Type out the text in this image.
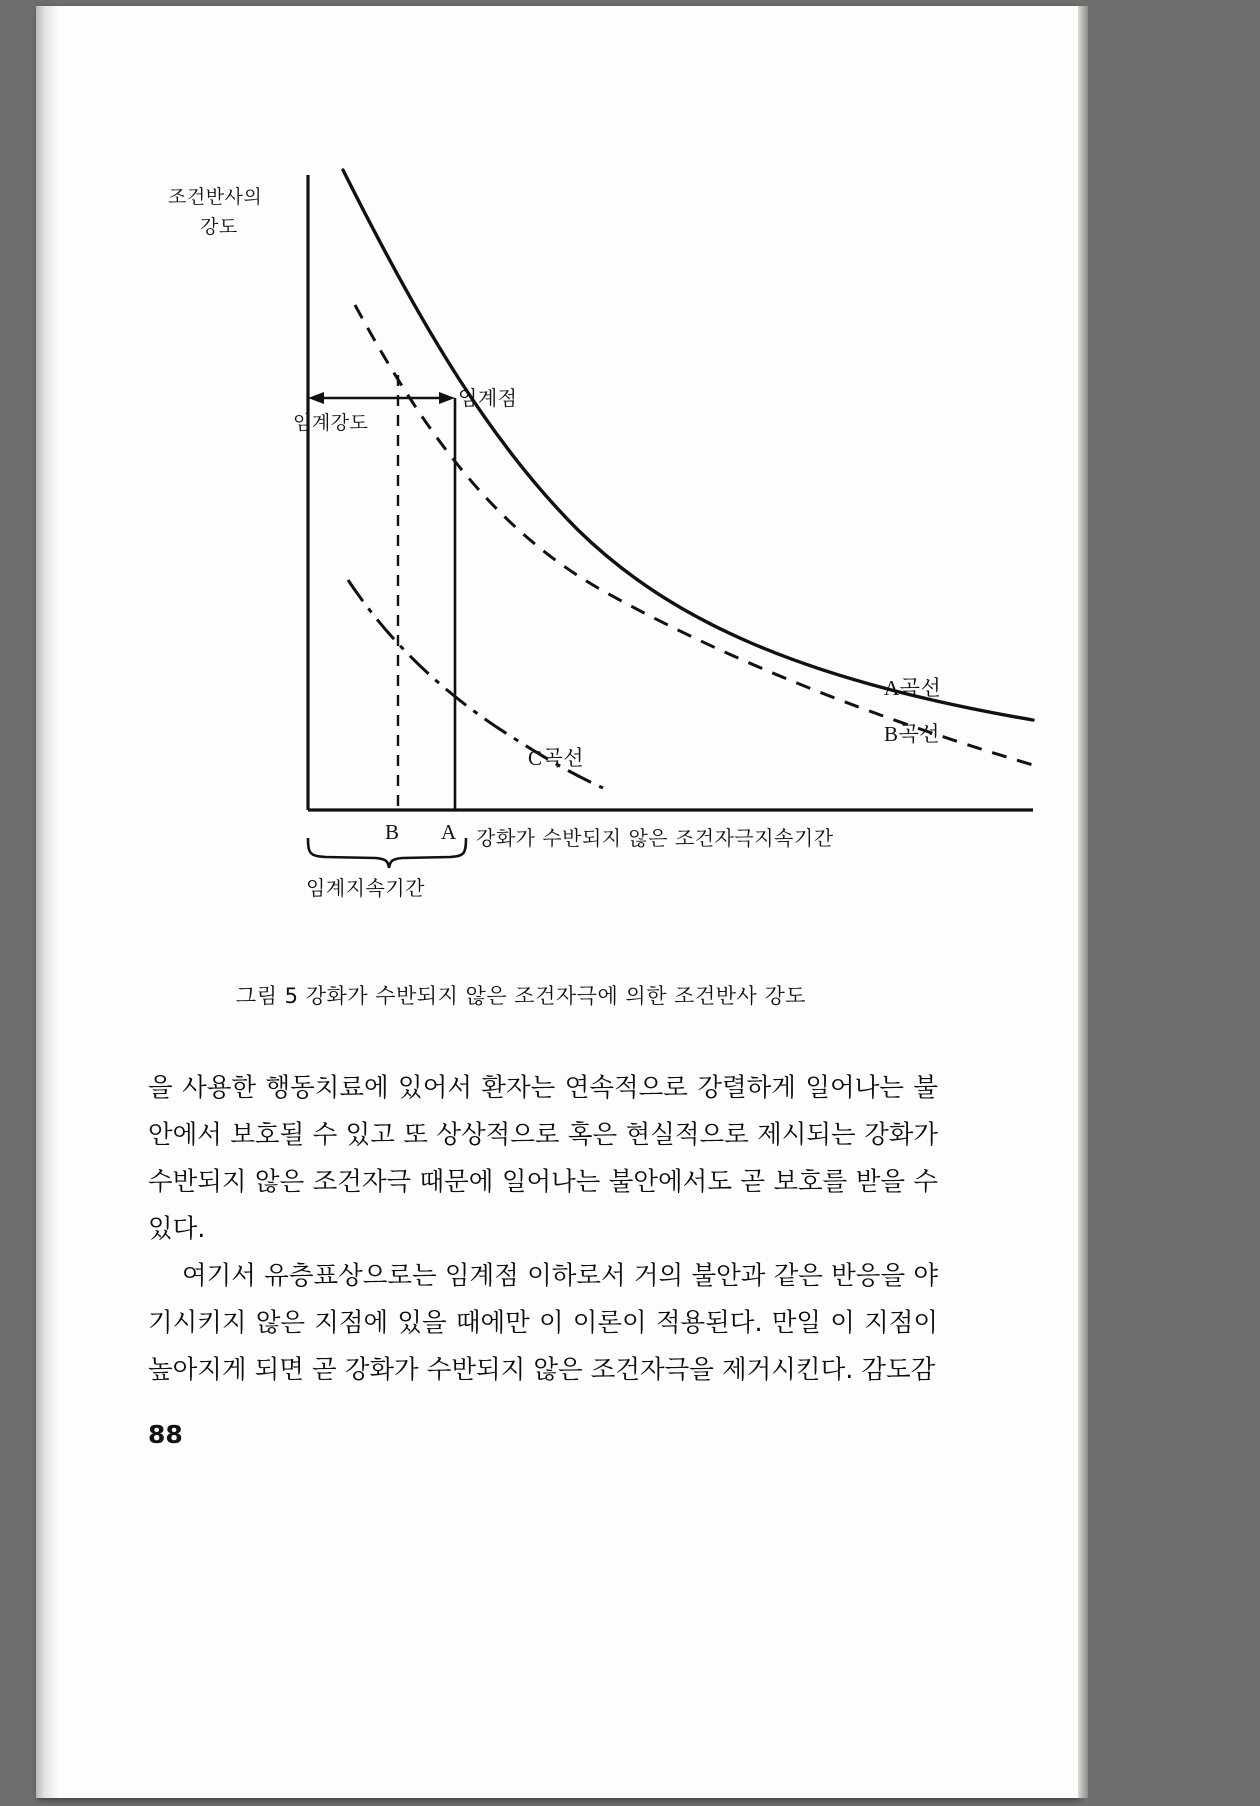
조건반사의
강도
임계점
임계강도
A곡선
B곡선
C곡선
B A 강화가 수반되지 않은 조건자극지속기간
임계지속기간
그림 5 강화가 수반되지 않은 조건자극에 의한 조건반사 강도

을 사용한 행동치료에 있어서 환자는 연속적으로 강렬하게 일어나는 불안에서 보호될 수 있고 또 상상적으로 혹은 현실적으로 제시되는 강화가 수반되지 않은 조건자극 때문에 일어나는 불안에서도 곧 보호를 받을 수 있다.

여기서 유층표상으로는 임계점 이하로서 거의 불안과 같은 반응을 야기시키지 않은 지점에 있을 때에만 이 이론이 적용된다. 만일 이 지점이 높아지게 되면 곧 강화가 수반되지 않은 조건자극을 제거시킨다. 감도감

88
